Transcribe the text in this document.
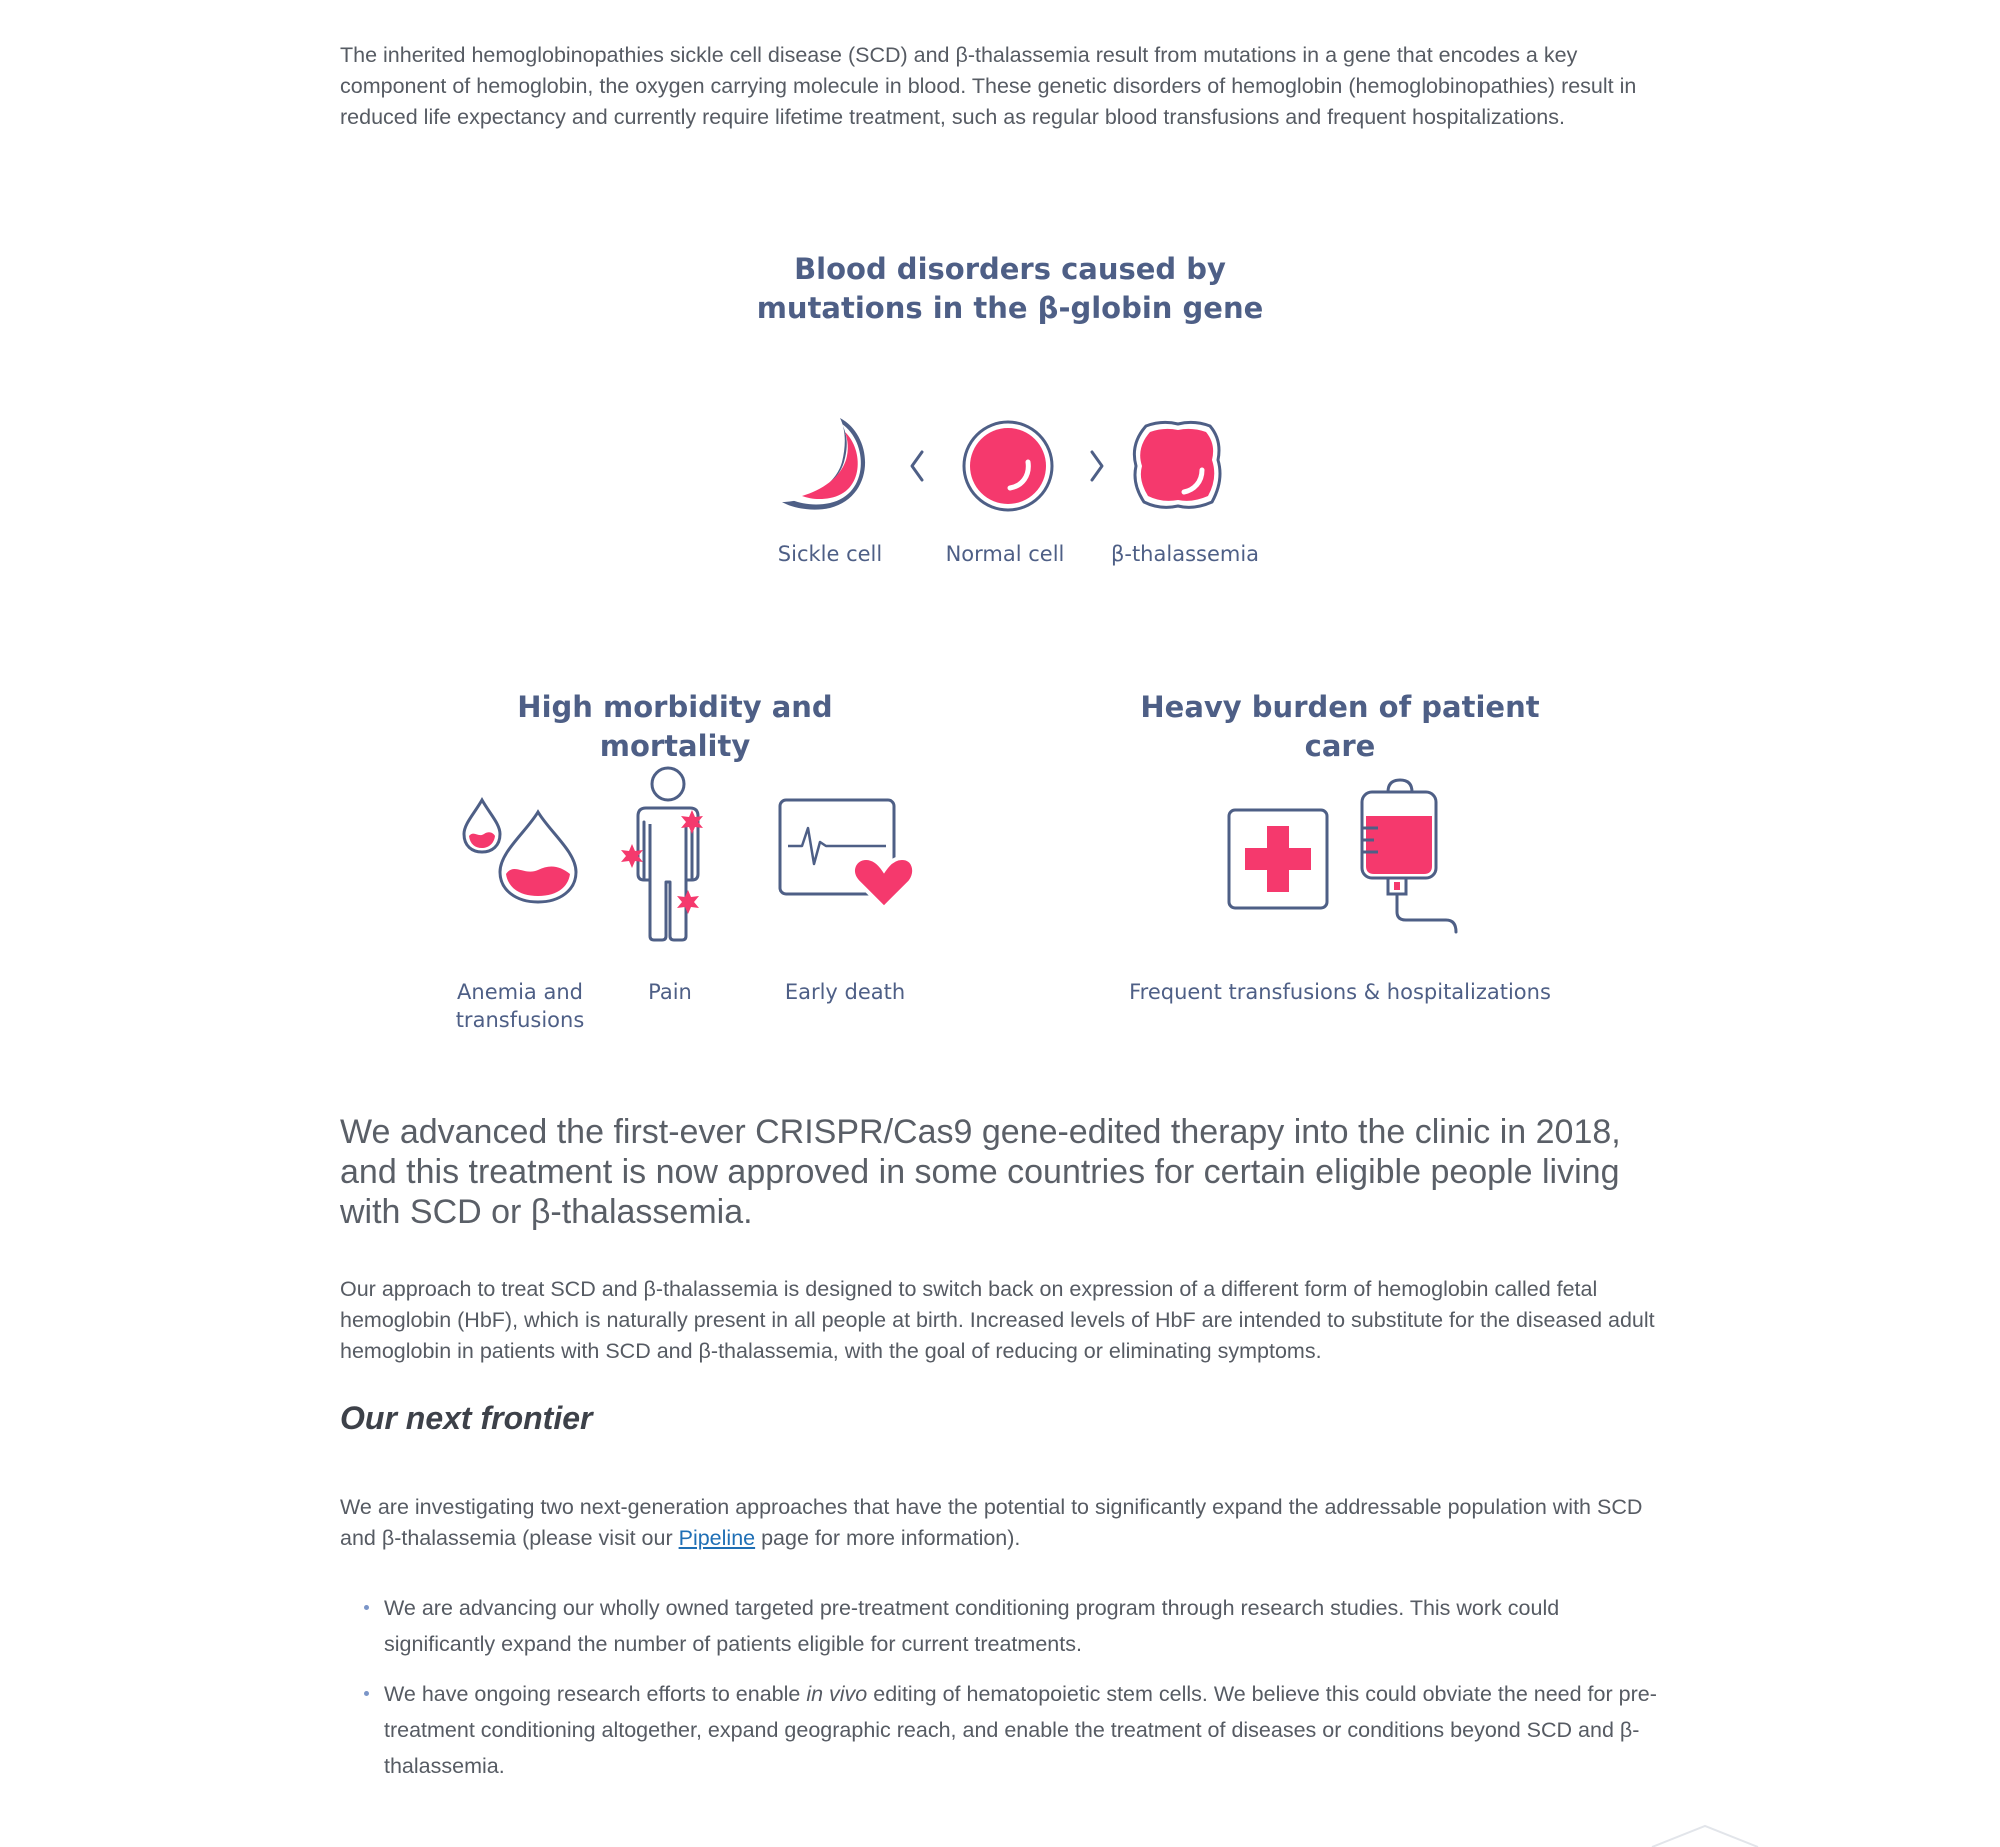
The inherited hemoglobinopathies sickle cell disease (SCD) and β-thalassemia result from mutations in a gene that encodes a key component of hemoglobin, the oxygen carrying molecule in blood. These genetic disorders of hemoglobin (hemoglobinopathies) result in reduced life expectancy and currently require lifetime treatment, such as regular blood transfusions and frequent hospitalizations.

Blood disorders caused by
mutations in the β-globin gene
Sickle cell	Normal cell	β-thalassemia
High morbidity and mortality
Heavy burden of patient care
Anemia and
transfusions
Pain	Early death	Frequent transfusions & hospitalizations

We advanced the first-ever CRISPR/Cas9 gene-edited therapy into the clinic in 2018, and this treatment is now approved in some countries for certain eligible people living with SCD or β-thalassemia.

Our approach to treat SCD and β-thalassemia is designed to switch back on expression of a different form of hemoglobin called fetal hemoglobin (HbF), which is naturally present in all people at birth. Increased levels of HbF are intended to substitute for the diseased adult hemoglobin in patients with SCD and β-thalassemia, with the goal of reducing or eliminating symptoms.

Our next frontier

We are investigating two next-generation approaches that have the potential to significantly expand the addressable population with SCD and β-thalassemia (please visit our Pipeline page for more information).

We are advancing our wholly owned targeted pre-treatment conditioning program through research studies. This work could significantly expand the number of patients eligible for current treatments.
We have ongoing research efforts to enable in vivo editing of hematopoietic stem cells. We believe this could obviate the need for pre-treatment conditioning altogether, expand geographic reach, and enable the treatment of diseases or conditions beyond SCD and β-thalassemia.
